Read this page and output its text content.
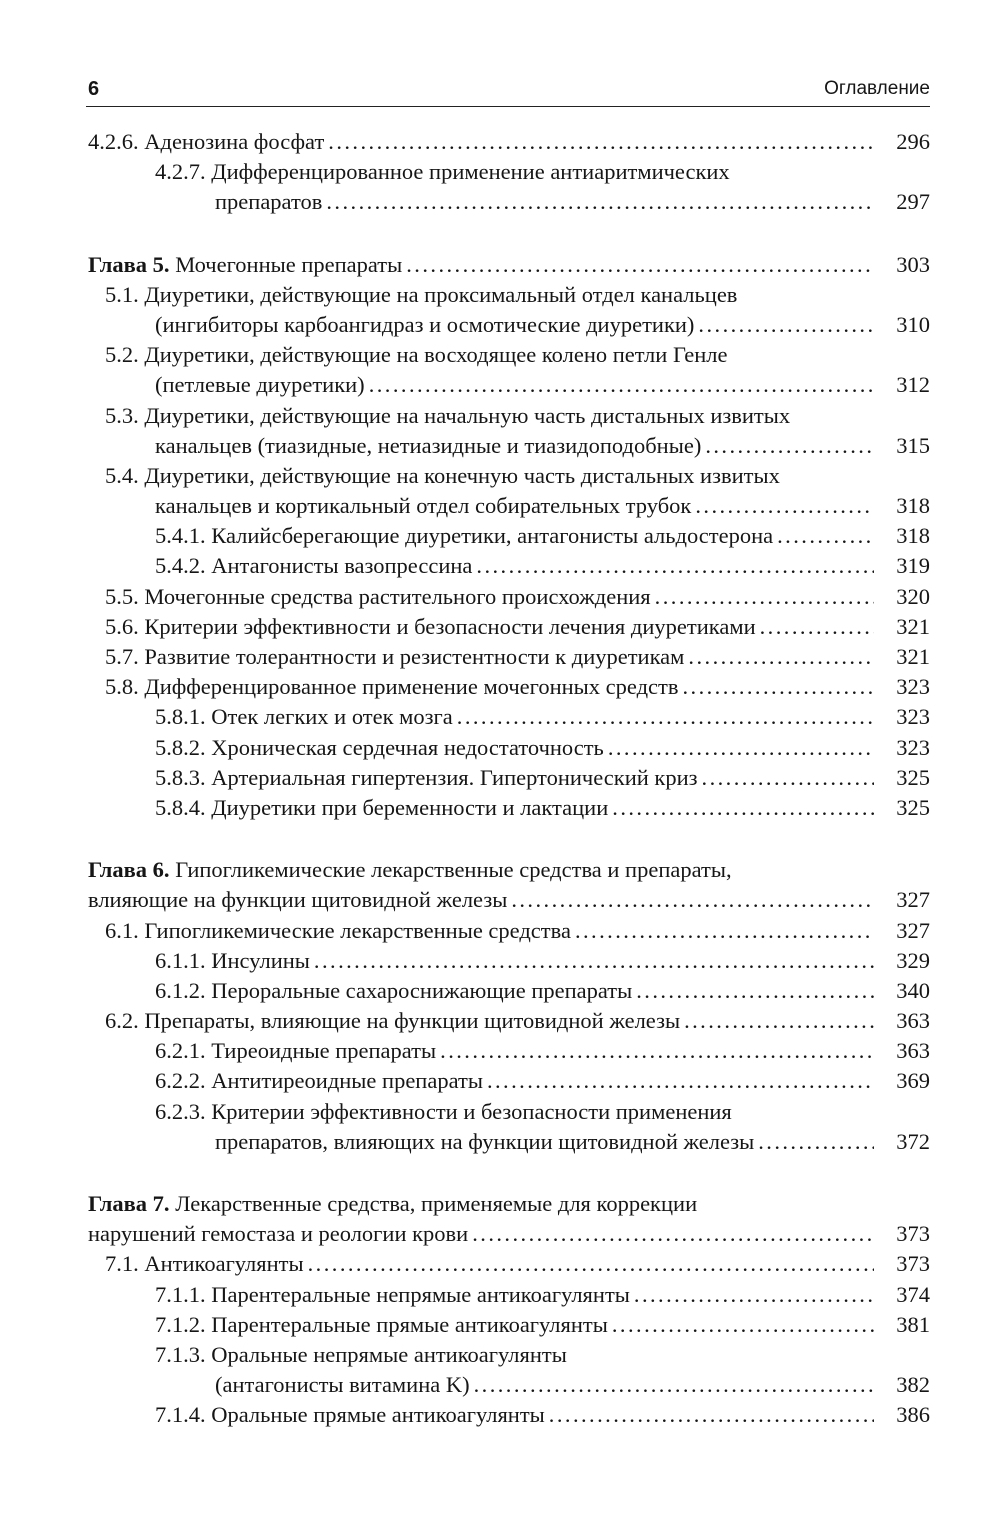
6	Оглавление
4.2.6. Аденозина фосфат . . .	296
4.2.7. Дифференцированное применение антиаритмических
препаратов . . .	297
Глава 5. Мочегонные препараты . . .	303
5.1. Диуретики, действующие на проксимальный отдел канальцев
(ингибиторы карбоангидраз и осмотические диуретики) . . .	310
5.2. Диуретики, действующие на восходящее колено петли Генле
(петлевые диуретики) . . .	312
5.3. Диуретики, действующие на начальную часть дистальных извитых
канальцев (тиазидные, нетиазидные и тиазидоподобные) . . .	315
5.4. Диуретики, действующие на конечную часть дистальных извитых
канальцев и кортикальный отдел собирательных трубок . . .	318
5.4.1. Калийсберегающие диуретики, антагонисты альдостерона . . .	318
5.4.2. Антагонисты вазопрессина . . .	319
5.5. Мочегонные средства растительного происхождения . . .	320
5.6. Критерии эффективности и безопасности лечения диуретиками . . .	321
5.7. Развитие толерантности и резистентности к диуретикам . . .	321
5.8. Дифференцированное применение мочегонных средств . . .	323
5.8.1. Отек легких и отек мозга . . .	323
5.8.2. Хроническая сердечная недостаточность . . .	323
5.8.3. Артериальная гипертензия. Гипертонический криз . . .	325
5.8.4. Диуретики при беременности и лактации . . .	325
Глава 6. Гипогликемические лекарственные средства и препараты,
влияющие на функции щитовидной железы . . .	327
6.1. Гипогликемические лекарственные средства . . .	327
6.1.1. Инсулины . . .	329
6.1.2. Пероральные сахароснижающие препараты . . .	340
6.2. Препараты, влияющие на функции щитовидной железы . . .	363
6.2.1. Тиреоидные препараты . . .	363
6.2.2. Антитиреоидные препараты . . .	369
6.2.3. Критерии эффективности и безопасности применения
препаратов, влияющих на функции щитовидной железы . . .	372
Глава 7. Лекарственные средства, применяемые для коррекции
нарушений гемостаза и реологии крови . . .	373
7.1. Антикоагулянты . . .	373
7.1.1. Парентеральные непрямые антикоагулянты . . .	374
7.1.2. Парентеральные прямые антикоагулянты . . .	381
7.1.3. Оральные непрямые антикоагулянты
(антагонисты витамина K) . . .	382
7.1.4. Оральные прямые антикоагулянты . . .	386
